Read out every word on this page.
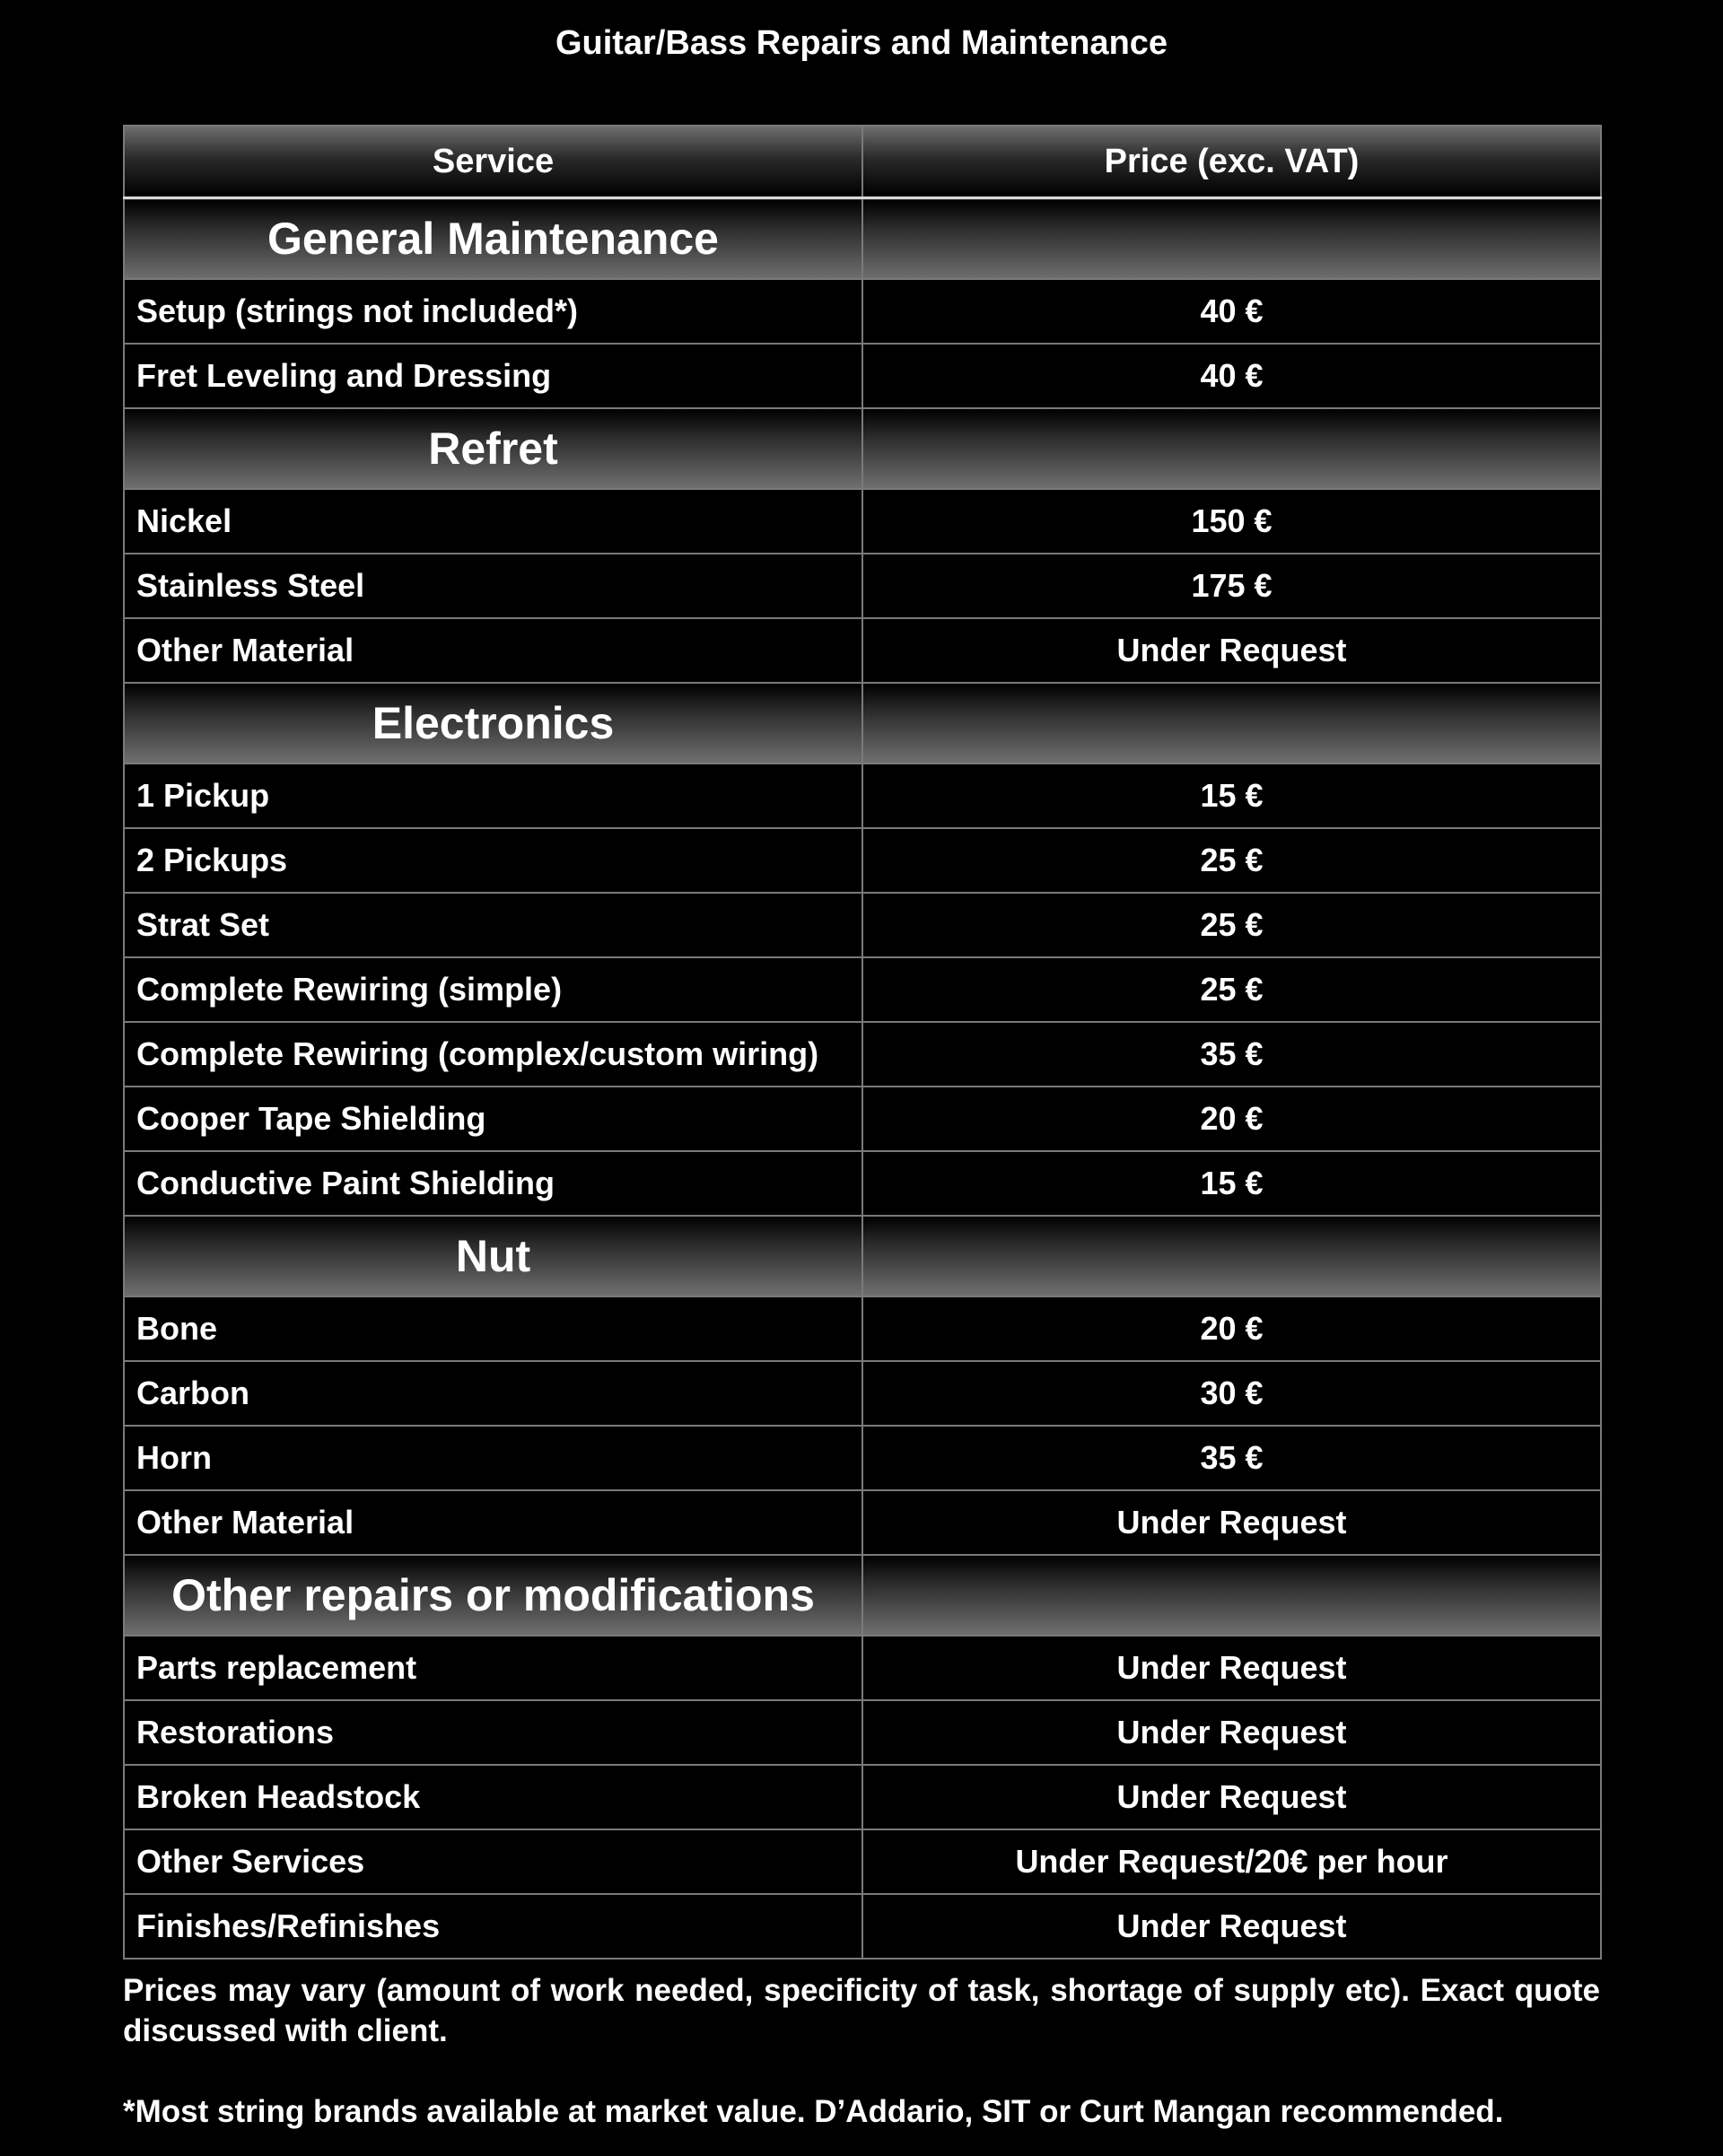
Guitar/Bass Repairs and Maintenance
Service	Price (exc. VAT)
General Maintenance	
Setup (strings not included*)	40 €
Fret Leveling and Dressing	40 €
Refret	
Nickel	150 €
Stainless Steel	175 €
Other Material	Under Request
Electronics	
1 Pickup	15 €
2 Pickups	25 €
Strat Set	25 €
Complete Rewiring (simple)	25 €
Complete Rewiring (complex/custom wiring)	35 €
Cooper Tape Shielding	20 €
Conductive Paint Shielding	15 €
Nut	
Bone	20 €
Carbon	30 €
Horn	35 €
Other Material	Under Request
Other repairs or modifications	
Parts replacement	Under Request
Restorations	Under Request
Broken Headstock	Under Request
Other Services	Under Request/20€ per hour
Finishes/Refinishes	Under Request

Prices may vary (amount of work needed, specificity of task, shortage of supply etc). Exact quote discussed with client.

*Most string brands available at market value. D’Addario, SIT or Curt Mangan recommended.
